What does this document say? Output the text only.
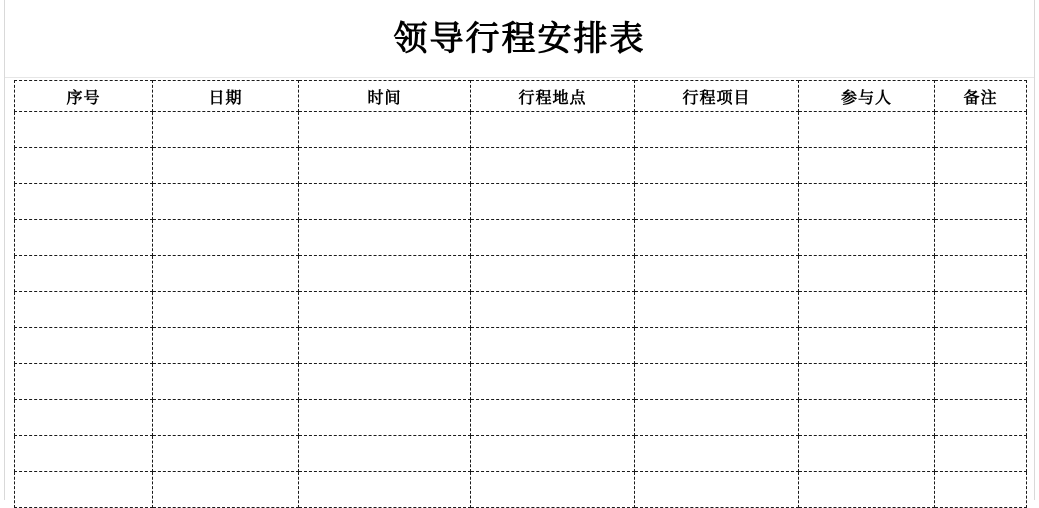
领导行程安排表
序号	日期	时间	行程地点	行程项目	参与人	备注
